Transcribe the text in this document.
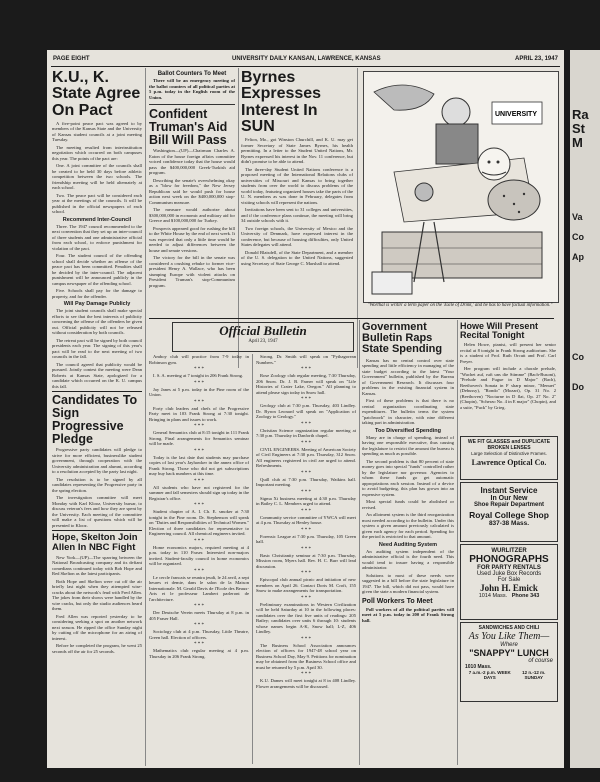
PAGE EIGHT	UNIVERSITY DAILY KANSAN, LAWRENCE, KANSAS	APRIL 23, 1947
K.U., K. State Agree On Pact

A five-point peace pact was agreed to by members of the Kansas State and the University of Kansas student councils at a joint meeting Tuesday.

The meeting resulted from interinstitution negotiation which occurred on both campuses this year. The points of the pact are:

One. A joint committee of the councils shall be created to be held 30 days before athletic competition between the two schools. The friendship meeting will be held alternately at each school.

Two. The peace pact will be considered each year at the meetings of the councils. It will be published in the official newspapers of each school.

Recommend Inter-Council

Three. The 1947 council recommended to the next convention that they set up an inter-council of three students and one administrative official from each school, to enforce punishment for violation of the pact.

Four. The student council of the offending school shall decide whether an offense of the peace pact has been committed. Penalties shall be decided by the inter-council. The adjacent punishment will be announced publicly in the campus newspaper of the offending school.

Five. Schools shall pay for the damage to property, and for the offender.

Will Pay Damage Publicly

The joint student councils shall make special efforts to see that the best interests of publicity concerning the offense of the offenders be given out. Official publicity will not be released without consideration by both councils.

The retreat pact will be signed by both council presidents each year. The signing of this year's pact will be read to the next meeting of two councils in the fall.

The council agreed that publicity would be pursued. Jointly contest the meeting were Dean Roberts at Kansas State, apologized for a candidate which occurred on the K. U. campus this fall.

Candidates To Sign Progressive Pledge

Progressive party candidates will pledge to strive for more efficient, businesslike student government, through cooperation with the University administration and alumni, according to a resolution accepted by the party last night.

The resolution is to be signed by all candidates representing the Progressive party in the spring election.

The investigation committee will meet Monday with Karl Klooz, University bursar, to discuss veteran's fees and how they are spent by the University. Each meeting of the committee will make a list of questions which will be presented to Klooz.

Hope, Skelton Join Allen In NBC Fight

New York—(UP)—The sparring between the National Broadcasting company and its defiant comedians continued today with Bob Hope and Red Skelton as the latest participants.

Both Hope and Skelton were cut off the air briefly last night when they attempted wise-cracks about the network's feud with Fred Allen. The jokes from their shows were handled by the wire cracks, but only the studio audiences heard them.

Fred Allen was reported yesterday to be considering seeking a spot on another network next season. He ripped the office Sunday night by cutting off the microphone for an airing of interest.

Before he completed the program, he went 25 seconds off the air for 25 seconds.

Ballot Counters To Meet

There will be an emergency meeting of the ballot counters of all political parties at 5 p.m. today in the English room of the Union.

Confident Truman's Aid Bill Will Pass

Washington—(UP)—Chairman Charles A. Eaton of the house foreign affairs committee voiced confidence today that the house would pass the $400,000,000 Greek-Turkish aid program.

Describing the senate's overwhelming okay as a "blow for freedom," the New Jersey Republican said he would push for house action next week on the $400,000,000 stop-Communism measure.

The measure would authorize about $300,000,000 in economic and military aid for Greece and $100,000,000 for Turkey.

Prospects appeared good for rushing the bill to the White House by the end of next week. It was expected that only a little time would be needed to adjust differences between the house and senate versions.

The victory for the bill in the senate was considered a crushing rebuke to former vice-president Henry A. Wallace, who has been stumping Europe with violent attacks on President Truman's stop-Communism program.

Byrnes Expresses Interest In SUN

Felton, Mo., got Winston Churchill, and K. U. may get former Secretary of State James Byrnes, his health permitting. In a letter to the Student United Nations, Mr. Byrnes expressed his interest in the Nov. 11 conference, but didn't promise to be able to attend.

The three-day Student United Nations conference is a proposed meeting of the International Relations clubs of universities of Missouri and Kansas to bring together students from over the world to discuss problems of the world today, featuring organized houses take the parts of the U. N. members as was done in February, delegates from visiting schools will represent the nations.

Invitations have been sent to 31 colleges and universities, and if the conference plans continue, the meeting will bring 34 outside schools with it.

Two foreign schools, the University of Mexico and the University of Denmark, have expressed interest in the conference, but because of housing difficulties, only United States delegates will attend.

Donald Blaisdell, of the State Department, and a member of the U. S. delegation to the United Nations, suggested using Secretary of State George C. Marshall to attend.

UNIVERSITY
"Worthal is writin' a term paper on the 'Exile of Drink,' and he has to have factual information."
Official Bulletin
April 23, 1947

Amboy club will practice from 7-9 today in Robinson gym.

* * *

I. S. A. meeting at 7 tonight in 206 Frank Strong.

* * *

Jay Janes at 5 p.m. today in the Pine room of the Union.

* * *

Forty club leaders and chefs of the Progressive Party meet in 103 Frank Strong at 7:30 tonight. Bringing in plans and issues to work.

* * *

General Semantics club at 8:15 tonight in 111 Frank Strong. Final arrangements for Semantics seminar will be made.

* * *

Today is the last date that students may purchase copies of last year's Jayhawker in the annex office of Frank Strong. Those who did not get subscriptions may buy back numbers at this time.

* * *

All students who have not registered for the summer and fall semesters should sign up today in the Registrar's office.

* * *

Student chapter of A. I. Ch. E. smoker at 7:30 tonight in the Pine room. Dr. Stephenson will speak on "Duties and Responsibilities of Technical Women." Election of three candidates for representative to Engineering council. All chemical engineers invited.

* * *

Home economics majors, required meeting at 4 p.m. today in 110 Fraser. Interested non-majors invited. Student-faculty council in home economics will be organized.

* * *

Le cercle francais se reunira jeudi, le 24 avril, a sept heures et demie, dans le salon de la Maison Internationale. M. Gerald Davis de l'Ecole des Beaux-Arts et le professeur Lambert parleront de l'architecture.

* * *

Der Deutsche Verein meets Thursday at 8 p.m. in 405 Fraser Hall.

* * *

Sociology club at 4 p.m. Thursday, Little Theatre, Green hall. Election of officers.

* * *

Mathematics club regular meeting at 4 p.m. Thursday in 206 Frank Strong.

Strong. Dr. Smith will speak on "Pythagorean Numbers."

* * *

Rose Zoology club regular meeting, 7:30 Thursday, 206 Snow. Dr. J. B. Farner will speak on "Life Histories of Crater Lake, Oregon." All planning to attend please sign today in Snow hall.

* * *

Geology club at 7:30 p.m. Thursday, 403 Lindley. Dr. Byron Leonard will speak on "Application of Zoology to Geology."

* * *

Christian Science organization regular meeting at 7:30 p.m. Thursday in Danforth chapel.

* * *

CIVIL ENGINEERS. Meeting of American Society of Civil Engineers at 7:30 p.m. Thursday, 312 Snow. All engineers registered in civil are urged to attend. Refreshments.

* * *

Quill club at 7:30 p.m. Thursday, Watkins hall. Important meeting.

* * *

Sigma Xi business meeting at 4:30 p.m. Thursday in Bailey C. L. Members urged to attend.

* * *

Community service committee of YWCA will meet at 4 p.m. Thursday at Henley house.

* * *

Forensic League at 7:30 p.m. Thursday, 105 Green hall.

* * *

Basic Christianity seminar at 7:30 p.m. Thursday, Mission room, Myers hall. Rev. H. C. Burr will lead discussion.

* * *

Episcopal club annual picnic and initiation of new members on April 26. Contact Doris M. Croft, 155 Snow to make arrangements for transportation.

* * *

Preliminary examinations in Western Civilization will be held Saturday at 10 in the following places: candidates over the first five units of readings: 205 Bailey; candidates over units 6 through 10: students whose names begin A-K, Snow hall; L-Z, 406 Lindley.

* * *

The Business School Association announces election of officers for 1947-48 school year on Business School Day, May 9. Petitions for nomination may be obtained from the Business School office and must be returned by 5 p.m. April 30.

* * *

K.U. Dames will meet tonight at 8 in 408 Lindley. Flower arrangements will be discussed.

Government Bulletin Raps State Spending

Kansas has no central control over state spending and little efficiency in managing of the state budget according to the latest "Your Government" bulletin, published by the Bureau of Government Research. It discusses four problems in the existing financial system in Kansas.

First of these problems is that there is no central organization coordinating state expenditures. The bulletin terms the system "patchwork" in character, with nine different taking part in administration.

Too Diversified Spending

Many are in charge of spending, instead of having one responsible executive, thus causing the legislature to restrict the amount the bureau is spending as much as possible.

The second problem is that 80 percent of state money goes into special "funds" controlled rather by the legislature nor governor. Agencies to whom these funds go get automatic appropriations each session. Instead of a device to avoid budgeting, this plan has grown into an expensive system.

Most special funds could be abolished or revised.

An allotment system is the third reorganization most needed according to the bulletin. Under this system a given amount previously calculated is given each agency for each period. Spending for the period is restricted to that amount.

Need Auditing System

An auditing system independent of the administrative official is the fourth need. This would tend to insure having a responsible administrator.

Solutions to most of these needs were suggested in a bill before the state legislature in 1947. The bill, which did not pass, would have given the state a modern financial system.

Poll Workers To Meet

Poll workers of all the political parties will meet at 5 p.m. today in 200 of Frank Strong hall.

Howe Will Present Recital Tonight

Helen Howe, pianist, will present her senior recital at 8 tonight in Frank Strong auditorium. She is a student of Prof. Ruth Orcutt and Prof. Carl Preyer.

Her program will include a chorale prelude, "Wachet auf, ruft uns die Stimme" (Bach-Busoni), "Prelude and Fugue in D Major" (Bach), Beethoven's Sonata in F sharp minor, "Menuet" (Debussy), "Rondo" (Mozart), Op. 31 No. 2 (Beethoven) "Nocturne in D flat, Op. 27 No. 2" (Chopin), "Scherzo No. 4 in E major" (Chopin), and a suite, "Puck" by Grieg.

WE FIT GLASSES and DUPLICATE BROKEN LENSES
Large Selection of Distinctive Frames.
Lawrence Optical Co.
Instant Service
In Our New
Shoe Repair Department
Royal College Shop
837-38 Mass.
WURLITZER
PHONOGRAPHS
FOR PARTY RENTALS
Used Juke Box Records
For Sale
John H. Emick
1014 Mass. Phone 343
SANDWICHES AND CHILI
As You Like Them—
Where
"SNAPPY" LUNCH
of course
1010 Mass.
7 a.m.-2 p.m. WEEK DAYS
12 n.-12 m. SUNDAY
Ra
St
M
Va
Co
Ap
Co
Do
